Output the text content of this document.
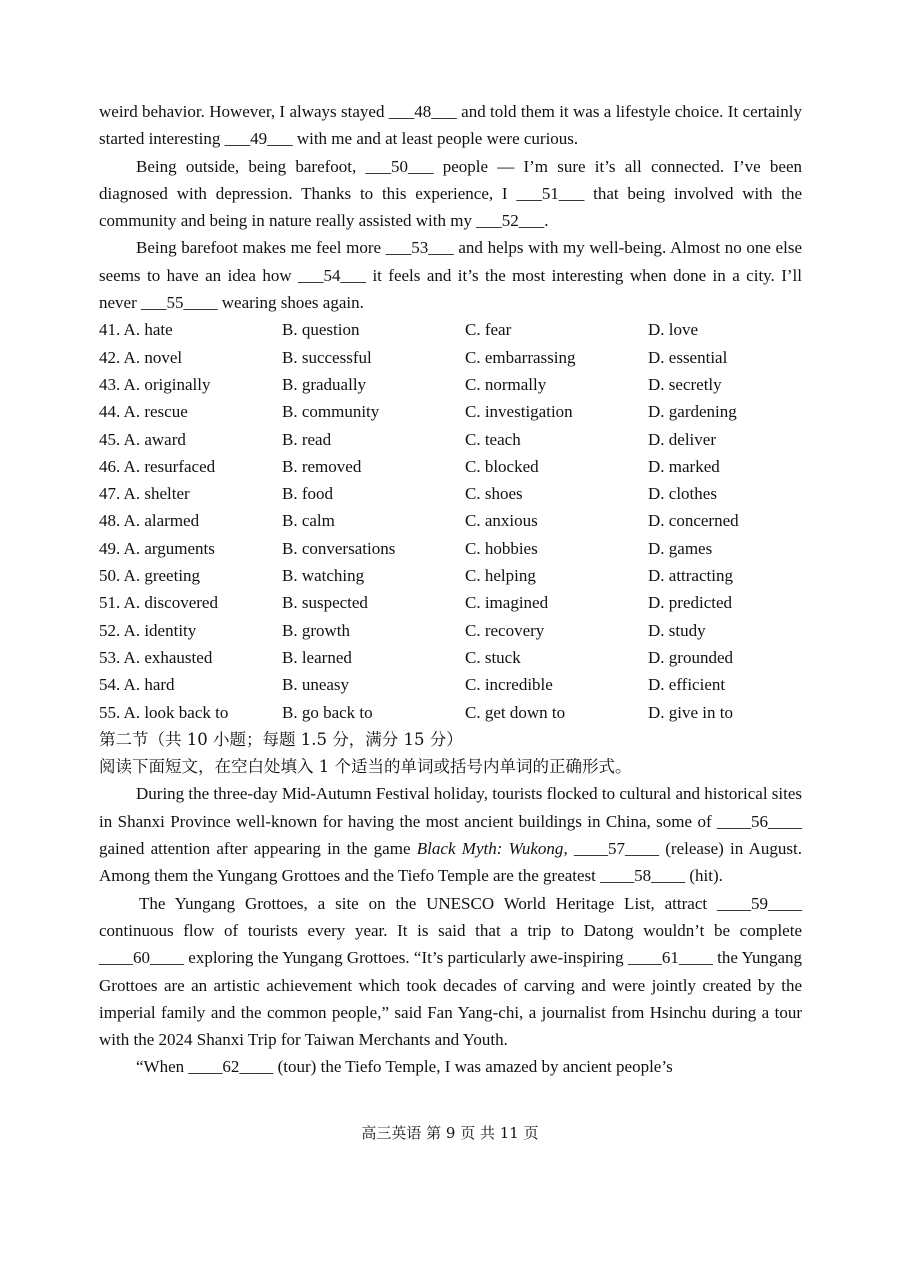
weird behavior. However, I always stayed ___48___ and told them it was a lifestyle choice. It certainly started interesting ___49___ with me and at least people were curious.

Being outside, being barefoot, ___50___ people — I’m sure it’s all connected. I’ve been diagnosed with depression. Thanks to this experience, I ___51___ that being involved with the community and being in nature really assisted with my ___52___.

Being barefoot makes me feel more ___53___ and helps with my well-being. Almost no one else seems to have an idea how ___54___ it feels and it’s the most interesting when done in a city. I’ll never ___55____ wearing shoes again.

41. A. hate	B. question	C. fear	D. love
42. A. novel	B. successful	C. embarrassing	D. essential
43. A. originally	B. gradually	C. normally	D. secretly
44. A. rescue	B. community	C. investigation	D. gardening
45. A. award	B. read	C. teach	D. deliver
46. A. resurfaced	B. removed	C. blocked	D. marked
47. A. shelter	B. food	C. shoes	D. clothes
48. A. alarmed	B. calm	C. anxious	D. concerned
49. A. arguments	B. conversations	C. hobbies	D. games
50. A. greeting	B. watching	C. helping	D. attracting
51. A. discovered	B. suspected	C. imagined	D. predicted
52. A. identity	B. growth	C. recovery	D. study
53. A. exhausted	B. learned	C. stuck	D. grounded
54. A. hard	B. uneasy	C. incredible	D. efficient
55. A. look back to	B. go back to	C. get down to	D. give in to

第二节（共 10 小题；每题 1.5 分，满分 15 分）

阅读下面短文，在空白处填入 1 个适当的单词或括号内单词的正确形式。

During the three-day Mid-Autumn Festival holiday, tourists flocked to cultural and historical sites in Shanxi Province well-known for having the most ancient buildings in China, some of ____56____ gained attention after appearing in the game Black Myth: Wukong, ____57____ (release) in August. Among them the Yungang Grottoes and the Tiefo Temple are the greatest ____58____ (hit).

The Yungang Grottoes, a site on the UNESCO World Heritage List, attract ____59____ continuous flow of tourists every year. It is said that a trip to Datong wouldn’t be complete ____60____ exploring the Yungang Grottoes. “It’s particularly awe-inspiring ____61____ the Yungang Grottoes are an artistic achievement which took decades of carving and were jointly created by the imperial family and the common people,” said Fan Yang-chi, a journalist from Hsinchu during a tour with the 2024 Shanxi Trip for Taiwan Merchants and Youth.

“When ____62____ (tour) the Tiefo Temple, I was amazed by ancient people’s

高三英语 第 9 页 共 11 页
